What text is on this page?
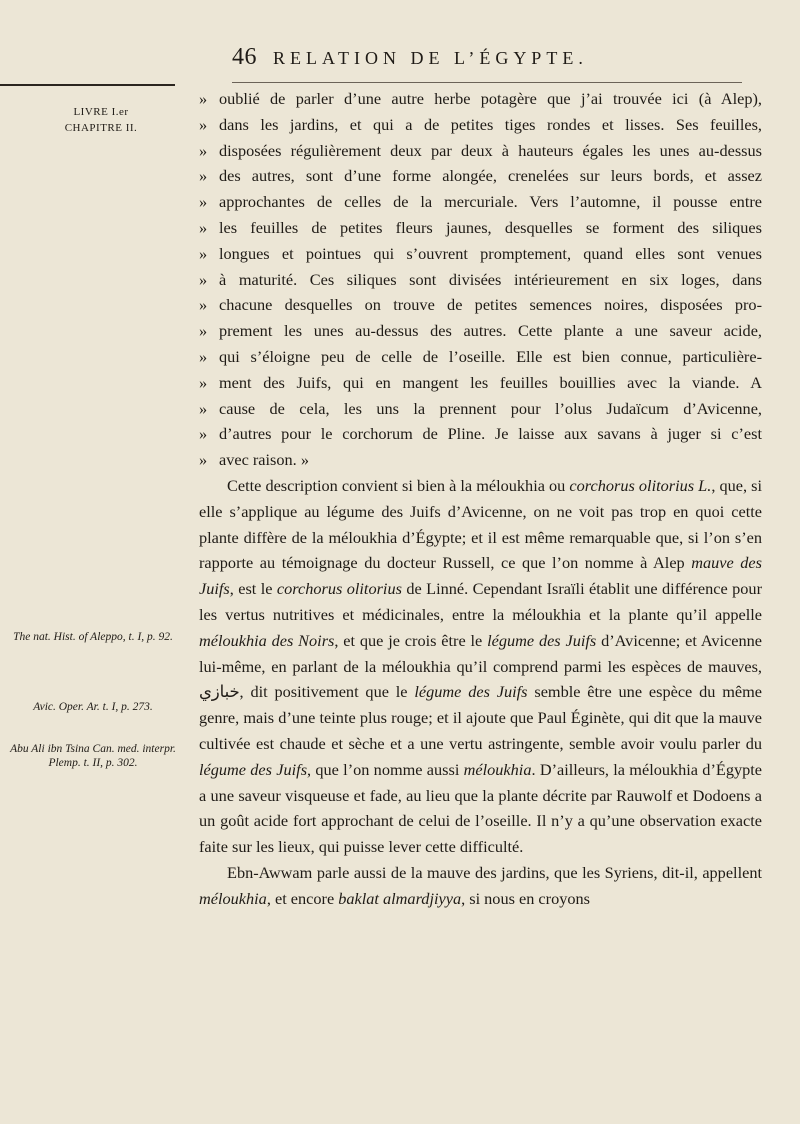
46 RELATION DE L’ÉGYPTE.
LIVRE I.er
CHAPITRE II.
The nat. Hist. of Aleppo, t. I, p. 92.
Avic. Oper. Ar. t. I, p. 273.
Abu Ali ibn Tsina Can. med. interpr. Plemp. t. II, p. 302.
» oublié de parler d’une autre herbe potagère que j’ai trouvée ici (à Alep),
» dans les jardins, et qui a de petites tiges rondes et lisses. Ses feuilles,
» disposées régulièrement deux par deux à hauteurs égales les unes au-dessus
» des autres, sont d’une forme alongée, crenelées sur leurs bords, et assez
» approchantes de celles de la mercuriale. Vers l’automne, il pousse entre
» les feuilles de petites fleurs jaunes, desquelles se forment des siliques
» longues et pointues qui s’ouvrent promptement, quand elles sont venues
» à maturité. Ces siliques sont divisées intérieurement en six loges, dans
» chacune desquelles on trouve de petites semences noires, disposées pro-
» prement les unes au-dessus des autres. Cette plante a une saveur acide,
» qui s’éloigne peu de celle de l’oseille. Elle est bien connue, particulière-
» ment des Juifs, qui en mangent les feuilles bouillies avec la viande. A
» cause de cela, les uns la prennent pour l’olus Judaïcum d’Avicenne,
» d’autres pour le corchorum de Pline. Je laisse aux savans à juger si c’est
» avec raison. »

Cette description convient si bien à la méloukhia ou corchorus olitorius L., que, si elle s’applique au légume des Juifs d’Avicenne, on ne voit pas trop en quoi cette plante diffère de la méloukhia d’Égypte; et il est même remarquable que, si l’on s’en rapporte au témoignage du docteur Russell, ce que l’on nomme à Alep mauve des Juifs, est le corchorus olitorius de Linné. Cependant Israïli établit une différence pour les vertus nutritives et médicinales, entre la méloukhia et la plante qu’il appelle méloukhia des Noirs, et que je crois être le légume des Juifs d’Avicenne; et Avicenne lui-même, en parlant de la méloukhia qu’il comprend parmi les espèces de mauves, خبازي, dit positivement que le légume des Juifs semble être une espèce du même genre, mais d’une teinte plus rouge; et il ajoute que Paul Éginète, qui dit que la mauve cultivée est chaude et sèche et a une vertu astringente, semble avoir voulu parler du légume des Juifs, que l’on nomme aussi méloukhia. D’ailleurs, la méloukhia d’Égypte a une saveur visqueuse et fade, au lieu que la plante décrite par Rauwolf et Dodoens a un goût acide fort approchant de celui de l’oseille. Il n’y a qu’une observation exacte faite sur les lieux, qui puisse lever cette difficulté.

Ebn-Awwam parle aussi de la mauve des jardins, que les Syriens, dit-il, appellent méloukhia, et encore baklat almardjiyya, si nous en croyons
